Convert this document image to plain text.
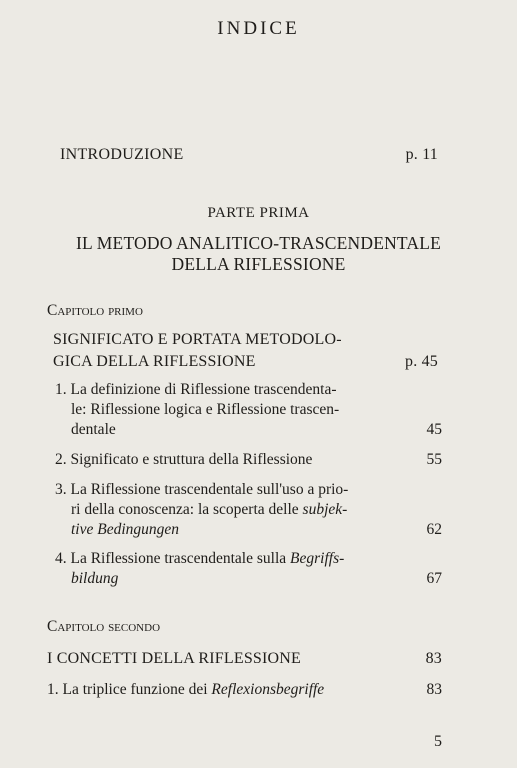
INDICE
INTRODUZIONE	p. 11
PARTE PRIMA
IL METODO ANALITICO-TRASCENDENTALE
DELLA RIFLESSIONE
Capitolo primo
SIGNIFICATO E PORTATA METODOLO-
GICA DELLA RIFLESSIONE	p. 45
1. La definizione di Riflessione trascendenta-
le: Riflessione logica e Riflessione trascen-
dentale	45
2. Significato e struttura della Riflessione	55
3. La Riflessione trascendentale sull'uso a prio-
ri della conoscenza: la scoperta delle subjek-
tive Bedingungen	62
4. La Riflessione trascendentale sulla Begriffs-
bildung	67
Capitolo secondo
I CONCETTI DELLA RIFLESSIONE	83
1. La triplice funzione dei Reflexionsbegriffe	83
5
